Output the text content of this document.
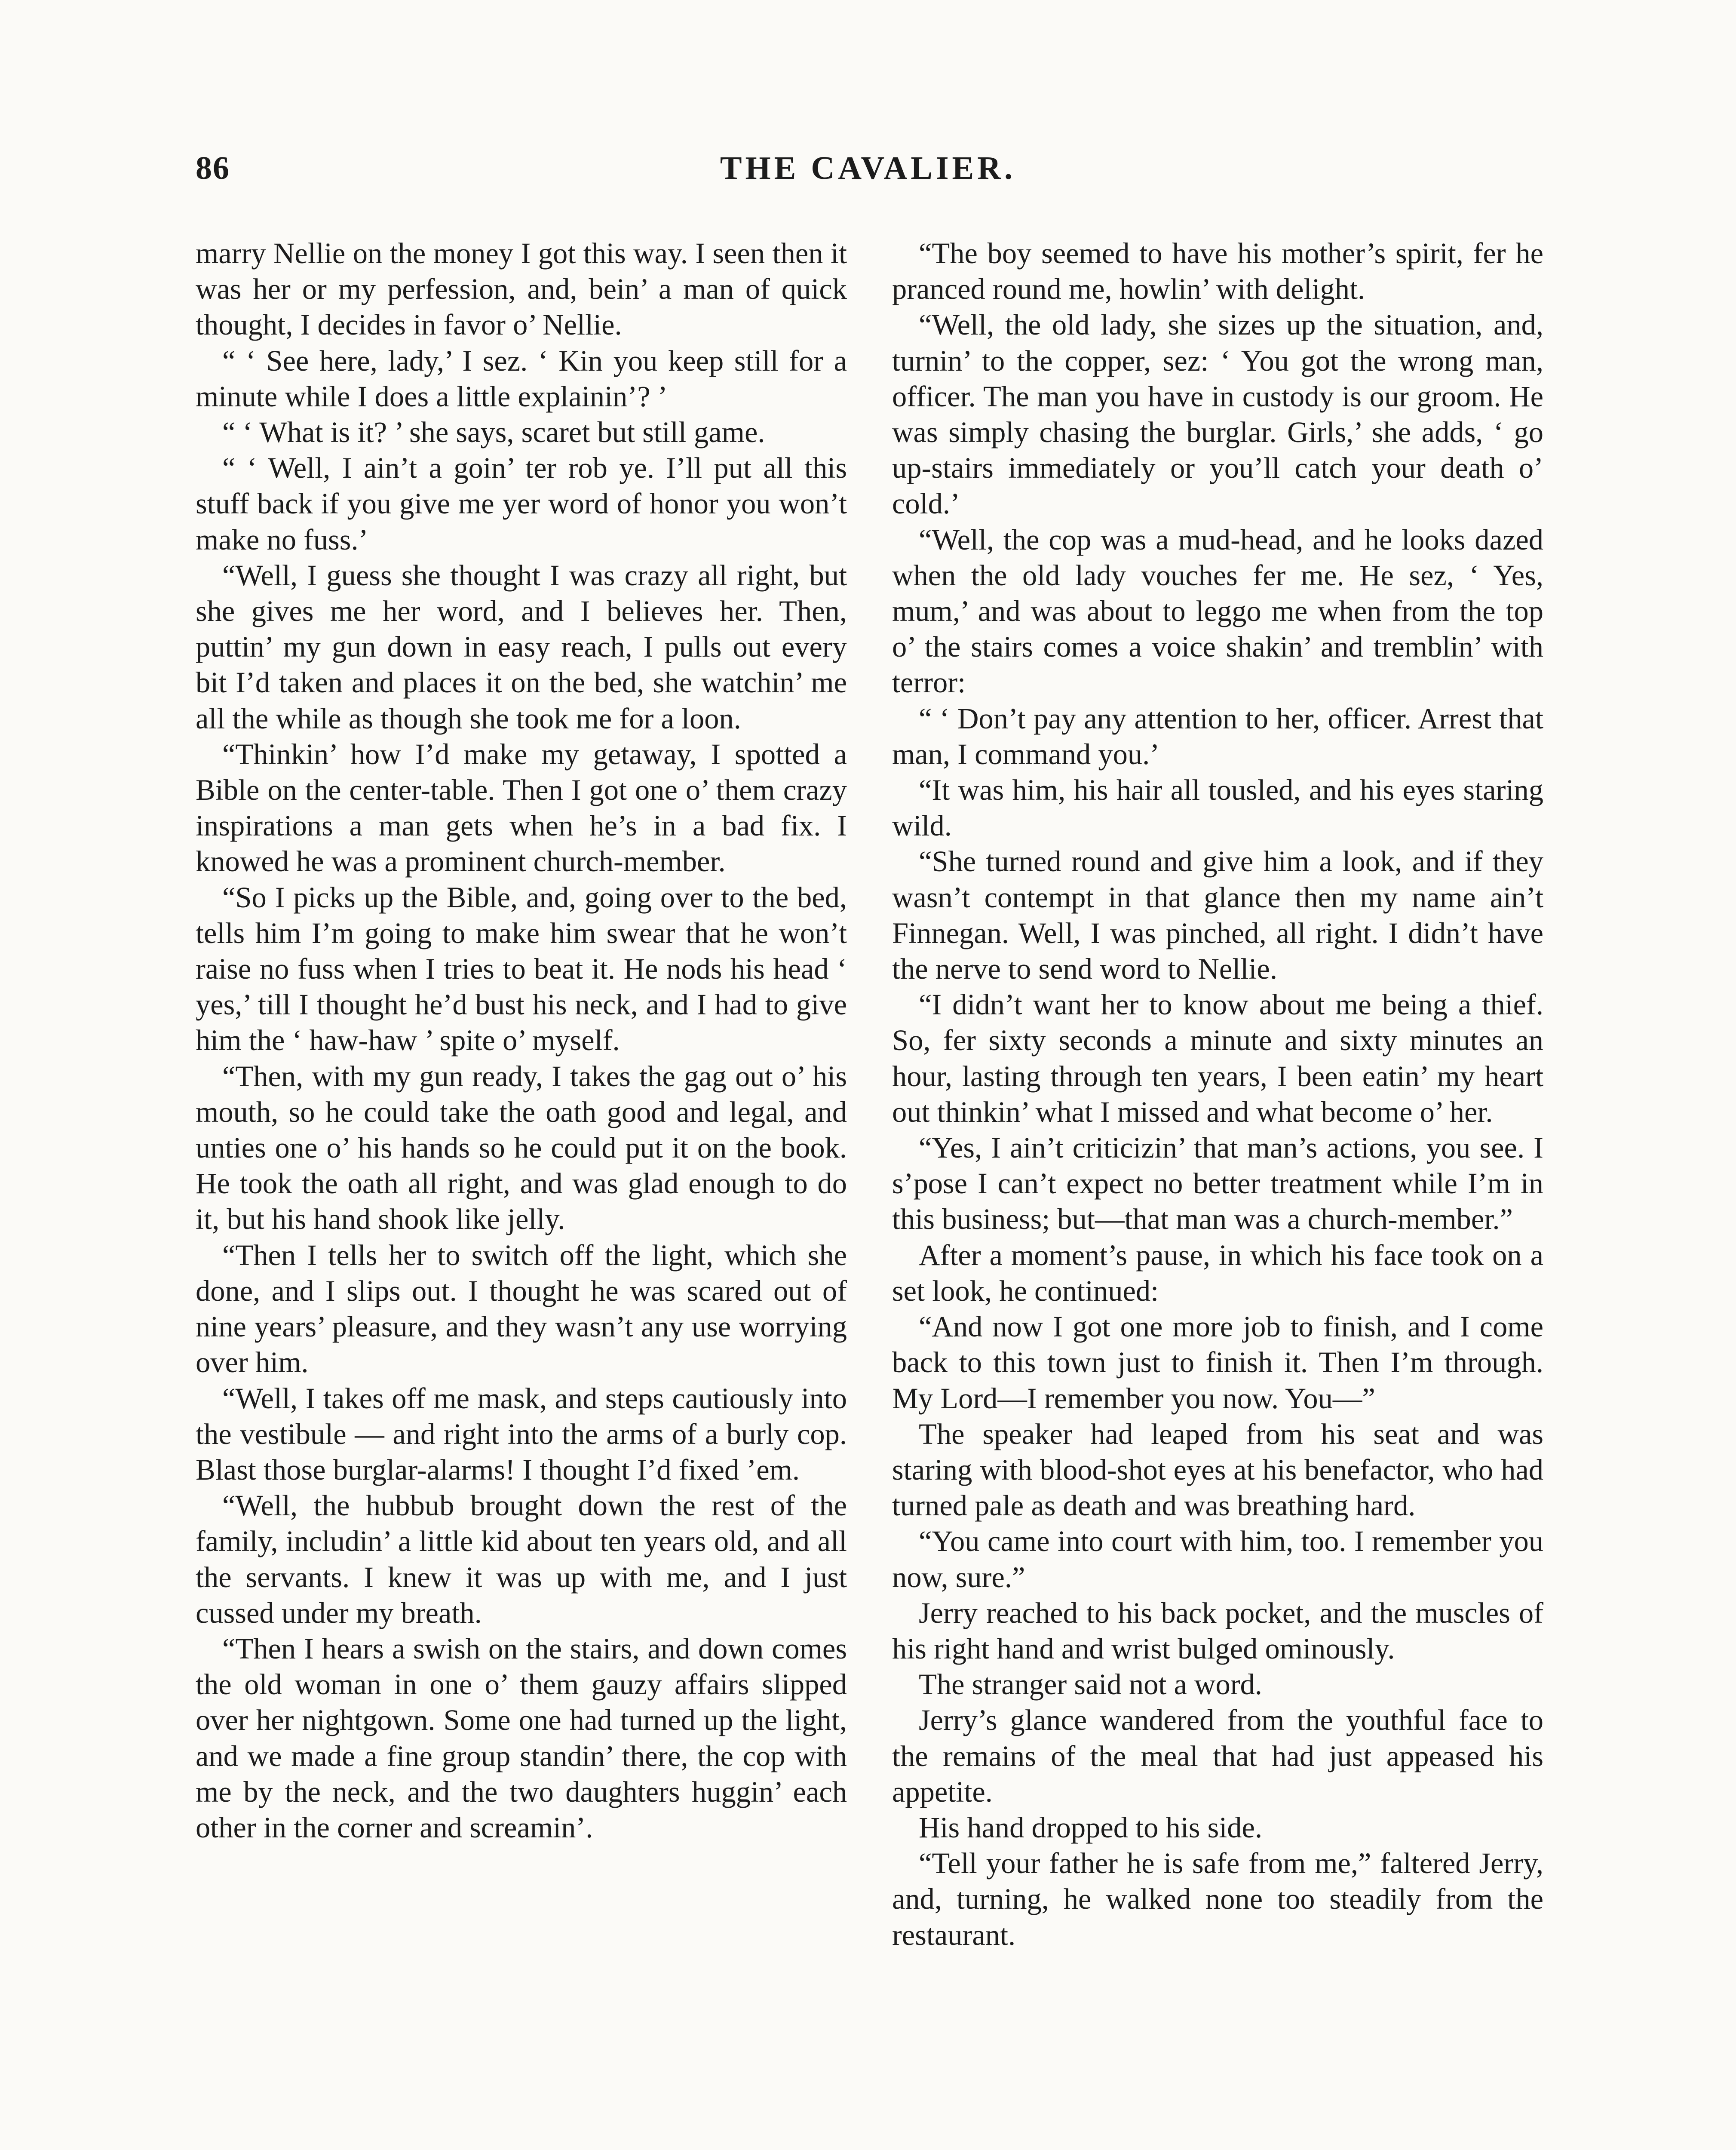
86	THE CAVALIER.

marry Nellie on the money I got this way. I seen then it was her or my perfession, and, bein’ a man of quick thought, I decides in favor o’ Nellie.

“ ‘ See here, lady,’ I sez. ‘ Kin you keep still for a minute while I does a little explainin’? ’

“ ‘ What is it? ’ she says, scaret but still game.

“ ‘ Well, I ain’t a goin’ ter rob ye. I’ll put all this stuff back if you give me yer word of honor you won’t make no fuss.’

“Well, I guess she thought I was crazy all right, but she gives me her word, and I believes her. Then, puttin’ my gun down in easy reach, I pulls out every bit I’d taken and places it on the bed, she watchin’ me all the while as though she took me for a loon.

“Thinkin’ how I’d make my getaway, I spotted a Bible on the center-table. Then I got one o’ them crazy inspirations a man gets when he’s in a bad fix. I knowed he was a prominent church-member.

“So I picks up the Bible, and, going over to the bed, tells him I’m going to make him swear that he won’t raise no fuss when I tries to beat it. He nods his head ‘ yes,’ till I thought he’d bust his neck, and I had to give him the ‘ haw-haw ’ spite o’ myself.

“Then, with my gun ready, I takes the gag out o’ his mouth, so he could take the oath good and legal, and unties one o’ his hands so he could put it on the book. He took the oath all right, and was glad enough to do it, but his hand shook like jelly.

“Then I tells her to switch off the light, which she done, and I slips out. I thought he was scared out of nine years’ pleasure, and they wasn’t any use worrying over him.

“Well, I takes off me mask, and steps cautiously into the vestibule — and right into the arms of a burly cop. Blast those burglar-alarms! I thought I’d fixed ’em.

“Well, the hubbub brought down the rest of the family, includin’ a little kid about ten years old, and all the servants. I knew it was up with me, and I just cussed under my breath.

“Then I hears a swish on the stairs, and down comes the old woman in one o’ them gauzy affairs slipped over her nightgown. Some one had turned up the light, and we made a fine group standin’ there, the cop with me by the neck, and the two daughters huggin’ each other in the corner and screamin’.

“The boy seemed to have his mother’s spirit, fer he pranced round me, howlin’ with delight.

“Well, the old lady, she sizes up the situation, and, turnin’ to the copper, sez: ‘ You got the wrong man, officer. The man you have in custody is our groom. He was simply chasing the burglar. Girls,’ she adds, ‘ go up-stairs immediately or you’ll catch your death o’ cold.’

“Well, the cop was a mud-head, and he looks dazed when the old lady vouches fer me. He sez, ‘ Yes, mum,’ and was about to leggo me when from the top o’ the stairs comes a voice shakin’ and tremblin’ with terror:

“ ‘ Don’t pay any attention to her, officer. Arrest that man, I command you.’

“It was him, his hair all tousled, and his eyes staring wild.

“She turned round and give him a look, and if they wasn’t contempt in that glance then my name ain’t Finnegan. Well, I was pinched, all right. I didn’t have the nerve to send word to Nellie.

“I didn’t want her to know about me being a thief. So, fer sixty seconds a minute and sixty minutes an hour, lasting through ten years, I been eatin’ my heart out thinkin’ what I missed and what become o’ her.

“Yes, I ain’t criticizin’ that man’s actions, you see. I s’pose I can’t expect no better treatment while I’m in this business; but—that man was a church-member.”

After a moment’s pause, in which his face took on a set look, he continued:

“And now I got one more job to finish, and I come back to this town just to finish it. Then I’m through. My Lord—I remember you now. You—”

The speaker had leaped from his seat and was staring with blood-shot eyes at his benefactor, who had turned pale as death and was breathing hard.

“You came into court with him, too. I remember you now, sure.”

Jerry reached to his back pocket, and the muscles of his right hand and wrist bulged ominously.

The stranger said not a word.

Jerry’s glance wandered from the youthful face to the remains of the meal that had just appeased his appetite.

His hand dropped to his side.

“Tell your father he is safe from me,” faltered Jerry, and, turning, he walked none too steadily from the restaurant.
